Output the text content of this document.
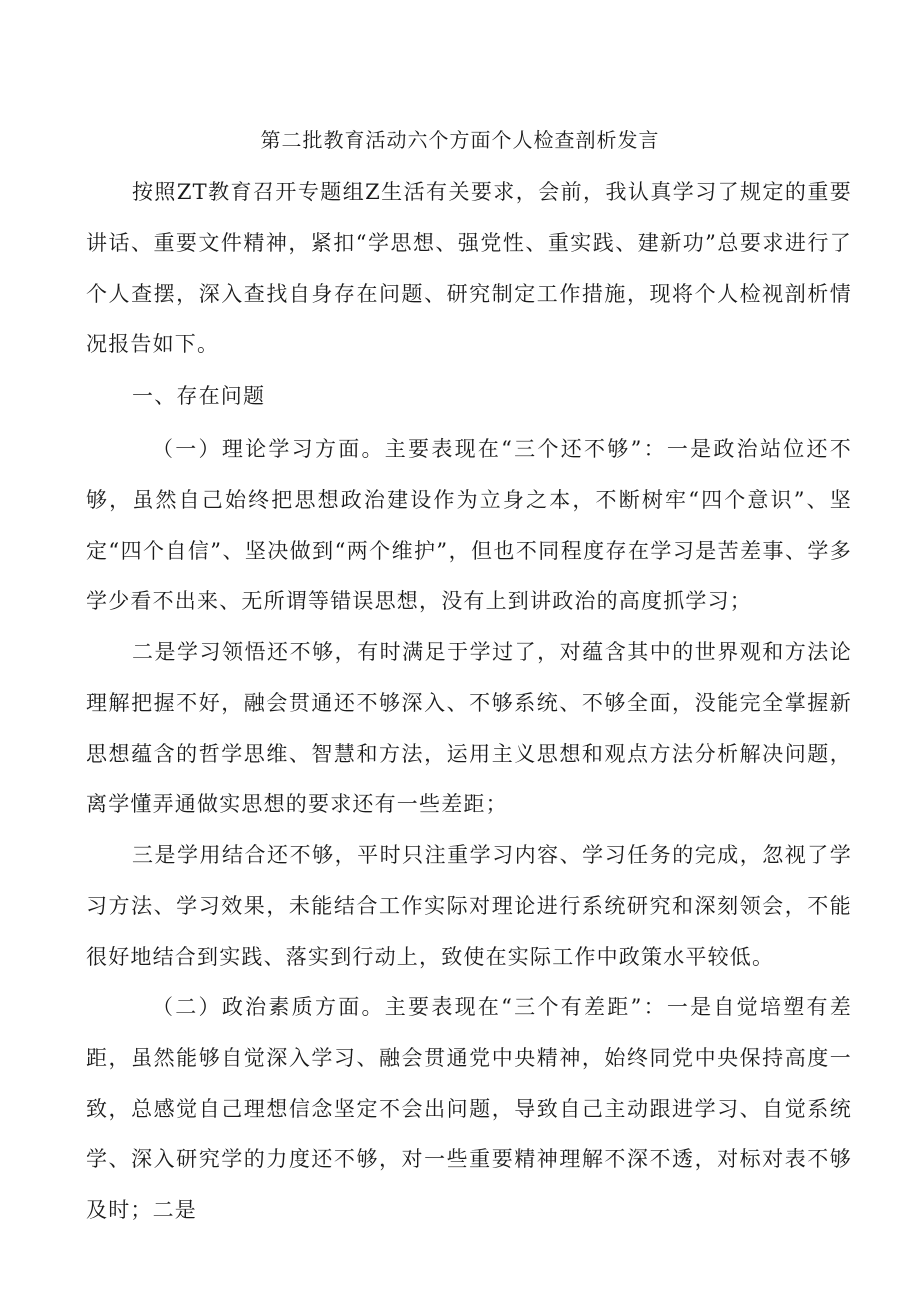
第二批教育活动六个方面个人检查剖析发言

按照ZT教育召开专题组Z生活有关要求，会前，我认真学习了规定的重要讲话、重要文件精神，紧扣“学思想、强党性、重实践、建新功”总要求进行了个人查摆，深入查找自身存在问题、研究制定工作措施，现将个人检视剖析情况报告如下。

一、存在问题

（一）理论学习方面。主要表现在“三个还不够”：一是政治站位还不够，虽然自己始终把思想政治建设作为立身之本，不断树牢“四个意识”、坚定“四个自信”、坚决做到“两个维护”，但也不同程度存在学习是苦差事、学多学少看不出来、无所谓等错误思想，没有上到讲政治的高度抓学习；

二是学习领悟还不够，有时满足于学过了，对蕴含其中的世界观和方法论理解把握不好，融会贯通还不够深入、不够系统、不够全面，没能完全掌握新思想蕴含的哲学思维、智慧和方法，运用主义思想和观点方法分析解决问题，离学懂弄通做实思想的要求还有一些差距；

三是学用结合还不够，平时只注重学习内容、学习任务的完成，忽视了学习方法、学习效果，未能结合工作实际对理论进行系统研究和深刻领会，不能很好地结合到实践、落实到行动上，致使在实际工作中政策水平较低。

（二）政治素质方面。主要表现在“三个有差距”：一是自觉培塑有差距，虽然能够自觉深入学习、融会贯通党中央精神，始终同党中央保持高度一致，总感觉自己理想信念坚定不会出问题，导致自己主动跟进学习、自觉系统学、深入研究学的力度还不够，对一些重要精神理解不深不透，对标对表不够及时；二是
